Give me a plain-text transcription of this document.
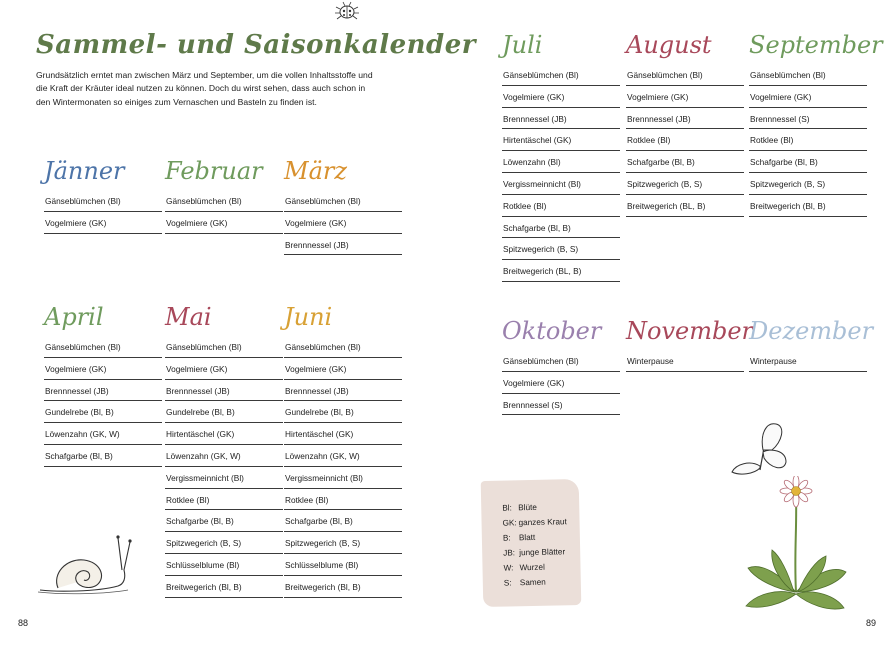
Sammel- und Saisonkalender

Grundsätzlich erntet man zwischen März und September, um die vollen Inhaltsstoffe und die Kraft der Kräuter ideal nutzen zu können. Doch du wirst sehen, dass auch schon in den Wintermonaten so einiges zum Vernaschen und Basteln zu finden ist.

Jänner
Gänseblümchen (Bl)
Vogelmiere (GK)
Februar
Gänseblümchen (Bl)
Vogelmiere (GK)
März
Gänseblümchen (Bl)
Vogelmiere (GK)
Brennnessel (JB)
April
Gänseblümchen (Bl)
Vogelmiere (GK)
Brennnessel (JB)
Gundelrebe (Bl, B)
Löwenzahn (GK, W)
Schafgarbe (Bl, B)
Mai
Gänseblümchen (Bl)
Vogelmiere (GK)
Brennnessel (JB)
Gundelrebe (Bl, B)
Hirtentäschel (GK)
Löwenzahn (GK, W)
Vergissmeinnicht (Bl)
Rotklee (Bl)
Schafgarbe (Bl, B)
Spitzwegerich (B, S)
Schlüsselblume (Bl)
Breitwegerich (Bl, B)
Juni
Gänseblümchen (Bl)
Vogelmiere (GK)
Brennnessel (JB)
Gundelrebe (Bl, B)
Hirtentäschel (GK)
Löwenzahn (GK, W)
Vergissmeinnicht (Bl)
Rotklee (Bl)
Schafgarbe (Bl, B)
Spitzwegerich (B, S)
Schlüsselblume (Bl)
Breitwegerich (Bl, B)
Juli
Gänseblümchen (Bl)
Vogelmiere (GK)
Brennnessel (JB)
Hirtentäschel (GK)
Löwenzahn (Bl)
Vergissmeinnicht (Bl)
Rotklee (Bl)
Schafgarbe (Bl, B)
Spitzwegerich (B, S)
Breitwegerich (BL, B)
August
Gänseblümchen (Bl)
Vogelmiere (GK)
Brennnessel (JB)
Rotklee (Bl)
Schafgarbe (Bl, B)
Spitzwegerich (B, S)
Breitwegerich (BL, B)
September
Gänseblümchen (Bl)
Vogelmiere (GK)
Brennnessel (S)
Rotklee (Bl)
Schafgarbe (Bl, B)
Spitzwegerich (B, S)
Breitwegerich (Bl, B)
Oktober
Gänseblümchen (Bl)
Vogelmiere (GK)
Brennnessel (S)
November
Winterpause
Dezember
Winterpause
Bl: Blüte
GK: ganzes Kraut
B: Blatt
JB: junge Blätter
W: Wurzel
S: Samen
88	89
